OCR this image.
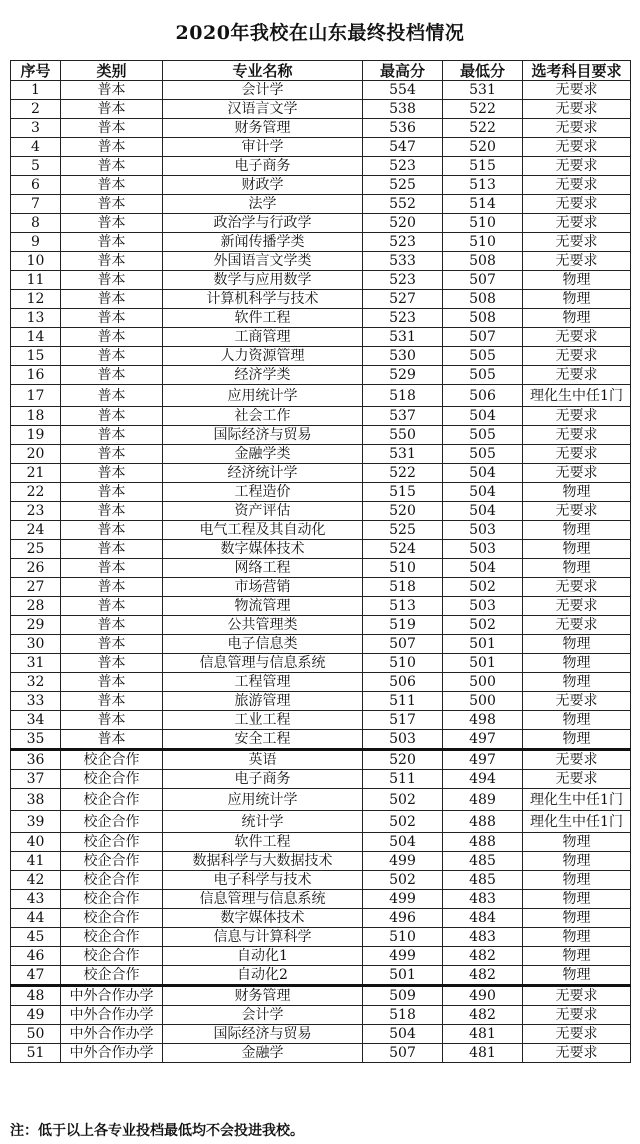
2020年我校在山东最终投档情况
序号	类别	专业名称	最高分	最低分	选考科目要求
1	普本	会计学	554	531	无要求
2	普本	汉语言文学	538	522	无要求
3	普本	财务管理	536	522	无要求
4	普本	审计学	547	520	无要求
5	普本	电子商务	523	515	无要求
6	普本	财政学	525	513	无要求
7	普本	法学	552	514	无要求
8	普本	政治学与行政学	520	510	无要求
9	普本	新闻传播学类	523	510	无要求
10	普本	外国语言文学类	533	508	无要求
11	普本	数学与应用数学	523	507	物理
12	普本	计算机科学与技术	527	508	物理
13	普本	软件工程	523	508	物理
14	普本	工商管理	531	507	无要求
15	普本	人力资源管理	530	505	无要求
16	普本	经济学类	529	505	无要求
17	普本	应用统计学	518	506	理化生中任1门
18	普本	社会工作	537	504	无要求
19	普本	国际经济与贸易	550	505	无要求
20	普本	金融学类	531	505	无要求
21	普本	经济统计学	522	504	无要求
22	普本	工程造价	515	504	物理
23	普本	资产评估	520	504	无要求
24	普本	电气工程及其自动化	525	503	物理
25	普本	数字媒体技术	524	503	物理
26	普本	网络工程	510	504	物理
27	普本	市场营销	518	502	无要求
28	普本	物流管理	513	503	无要求
29	普本	公共管理类	519	502	无要求
30	普本	电子信息类	507	501	物理
31	普本	信息管理与信息系统	510	501	物理
32	普本	工程管理	506	500	物理
33	普本	旅游管理	511	500	无要求
34	普本	工业工程	517	498	物理
35	普本	安全工程	503	497	物理
36	校企合作	英语	520	497	无要求
37	校企合作	电子商务	511	494	无要求
38	校企合作	应用统计学	502	489	理化生中任1门
39	校企合作	统计学	502	488	理化生中任1门
40	校企合作	软件工程	504	488	物理
41	校企合作	数据科学与大数据技术	499	485	物理
42	校企合作	电子科学与技术	502	485	物理
43	校企合作	信息管理与信息系统	499	483	物理
44	校企合作	数字媒体技术	496	484	物理
45	校企合作	信息与计算科学	510	483	物理
46	校企合作	自动化1	499	482	物理
47	校企合作	自动化2	501	482	物理
48	中外合作办学	财务管理	509	490	无要求
49	中外合作办学	会计学	518	482	无要求
50	中外合作办学	国际经济与贸易	504	481	无要求
51	中外合作办学	金融学	507	481	无要求
注：低于以上各专业投档最低均不会投进我校。
